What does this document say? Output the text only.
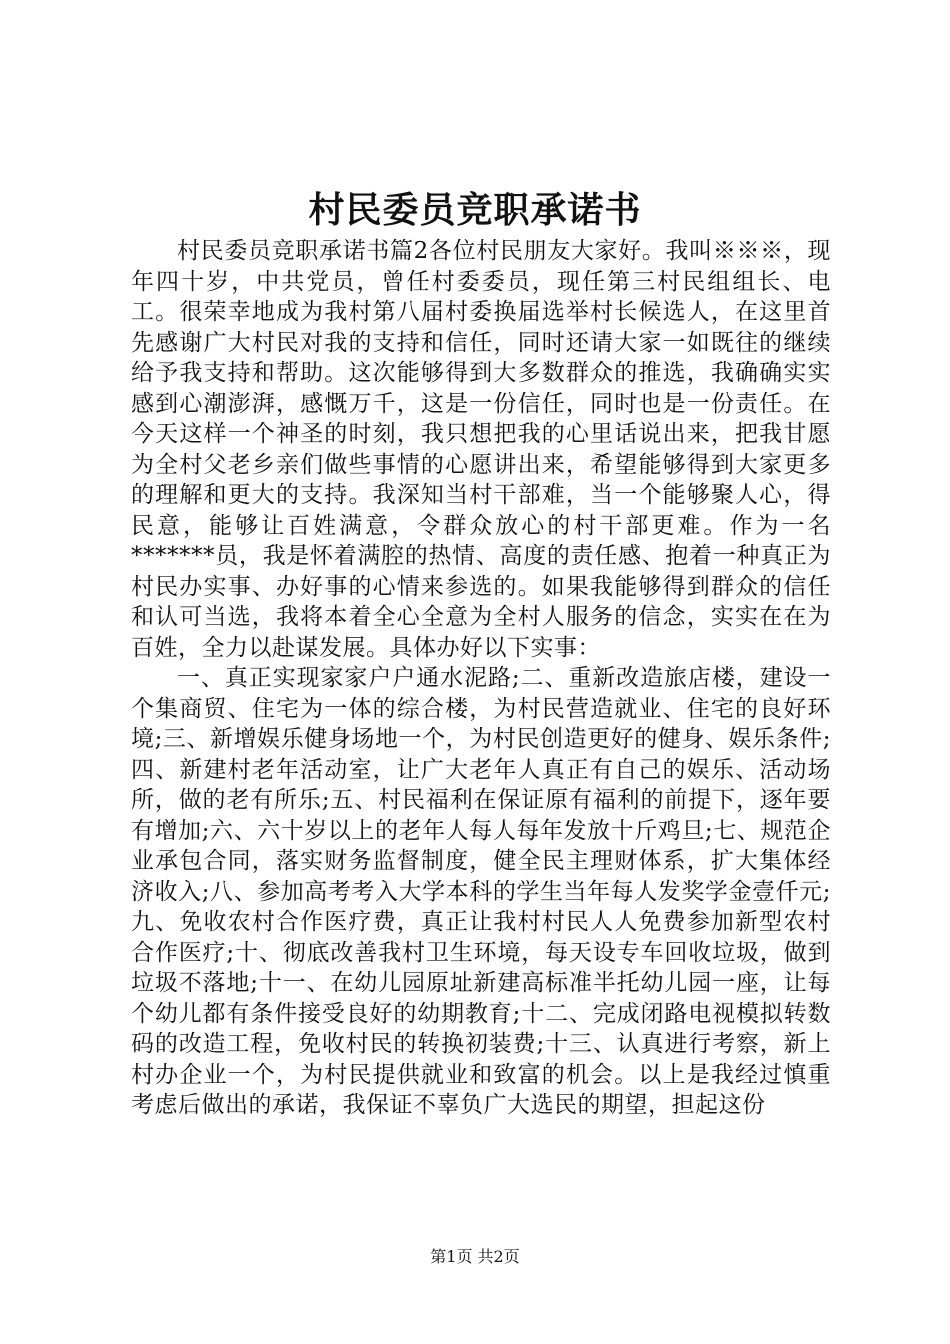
村民委员竞职承诺书

村民委员竞职承诺书篇2各位村民朋友大家好。我叫※※※，现年四十岁，中共党员，曾任村委委员，现任第三村民组组长、电工。很荣幸地成为我村第八届村委换届选举村长候选人，在这里首先感谢广大村民对我的支持和信任，同时还请大家一如既往的继续给予我支持和帮助。这次能够得到大多数群众的推选，我确确实实感到心潮澎湃，感慨万千，这是一份信任，同时也是一份责任。在今天这样一个神圣的时刻，我只想把我的心里话说出来，把我甘愿为全村父老乡亲们做些事情的心愿讲出来，希望能够得到大家更多的理解和更大的支持。我深知当村干部难，当一个能够聚人心，得民意，能够让百姓满意，令群众放心的村干部更难。作为一名*******员，我是怀着满腔的热情、高度的责任感、抱着一种真正为村民办实事、办好事的心情来参选的。如果我能够得到群众的信任和认可当选，我将本着全心全意为全村人服务的信念，实实在在为百姓，全力以赴谋发展。具体办好以下实事：

一、真正实现家家户户通水泥路;二、重新改造旅店楼，建设一个集商贸、住宅为一体的综合楼，为村民营造就业、住宅的良好环境;三、新增娱乐健身场地一个，为村民创造更好的健身、娱乐条件;四、新建村老年活动室，让广大老年人真正有自己的娱乐、活动场所，做的老有所乐;五、村民福利在保证原有福利的前提下，逐年要有增加;六、六十岁以上的老年人每人每年发放十斤鸡旦;七、规范企业承包合同，落实财务监督制度，健全民主理财体系，扩大集体经济收入;八、参加高考考入大学本科的学生当年每人发奖学金壹仟元;九、免收农村合作医疗费，真正让我村村民人人免费参加新型农村合作医疗;十、彻底改善我村卫生环境，每天设专车回收垃圾，做到垃圾不落地;十一、在幼儿园原址新建高标准半托幼儿园一座，让每个幼儿都有条件接受良好的幼期教育;十二、完成闭路电视模拟转数码的改造工程，免收村民的转换初装费;十三、认真进行考察，新上村办企业一个，为村民提供就业和致富的机会。以上是我经过慎重考虑后做出的承诺，我保证不辜负广大选民的期望，担起这份

第1页 共2页
